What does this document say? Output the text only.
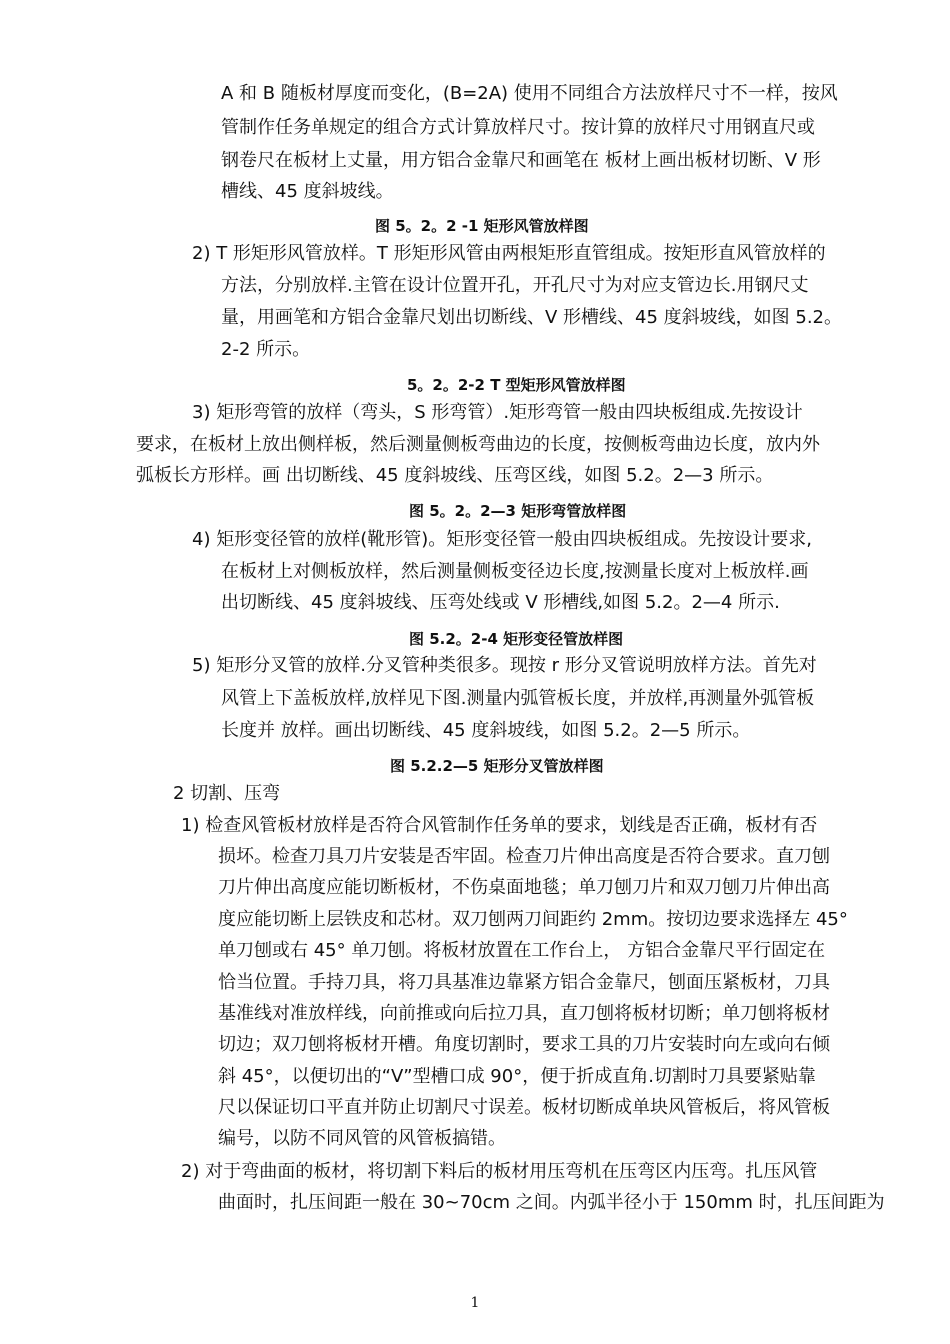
A 和 B 随板材厚度而变化，(B=2A) 使用不同组合方法放样尺寸不一样，按风
管制作任务单规定的组合方式计算放样尺寸。按计算的放样尺寸用钢直尺或
钢卷尺在板材上丈量，用方铝合金靠尺和画笔在 板材上画出板材切断、V 形
槽线、45 度斜坡线。
图 5。2。2 -1 矩形风管放样图
2) T 形矩形风管放样。T 形矩形风管由两根矩形直管组成。按矩形直风管放样的
方法，分别放样.主管在设计位置开孔，开孔尺寸为对应支管边长.用钢尺丈
量，用画笔和方铝合金靠尺划出切断线、V 形槽线、45 度斜坡线，如图 5.2。
2-2 所示。
5。2。2-2 T 型矩形风管放样图
3) 矩形弯管的放样（弯头，S 形弯管）.矩形弯管一般由四块板组成.先按设计
要求，在板材上放出侧样板，然后测量侧板弯曲边的长度，按侧板弯曲边长度，放内外
弧板长方形样。画 出切断线、45 度斜坡线、压弯区线，如图 5.2。2—3 所示。
图 5。2。2—3 矩形弯管放样图
4) 矩形变径管的放样(靴形管)。矩形变径管一般由四块板组成。先按设计要求,
在板材上对侧板放样，然后测量侧板变径边长度,按测量长度对上板放样.画
出切断线、45 度斜坡线、压弯处线或 V 形槽线,如图 5.2。2—4 所示.
图 5.2。2-4 矩形变径管放样图
5) 矩形分叉管的放样.分叉管种类很多。现按 r 形分叉管说明放样方法。首先对
风管上下盖板放样,放样见下图.测量内弧管板长度，并放样,再测量外弧管板
长度并 放样。画出切断线、45 度斜坡线，如图 5.2。2—5 所示。
图 5.2.2—5 矩形分叉管放样图
2 切割、压弯
1) 检查风管板材放样是否符合风管制作任务单的要求，划线是否正确，板材有否
损坏。检查刀具刀片安装是否牢固。检查刀片伸出高度是否符合要求。直刀刨
刀片伸出高度应能切断板材，不伤桌面地毯；单刀刨刀片和双刀刨刀片伸出高
度应能切断上层铁皮和芯材。双刀刨两刀间距约 2mm。按切边要求选择左 45°
单刀刨或右 45° 单刀刨。将板材放置在工作台上， 方铝合金靠尺平行固定在
恰当位置。手持刀具，将刀具基准边靠紧方铝合金靠尺，刨面压紧板材，刀具
基准线对准放样线，向前推或向后拉刀具，直刀刨将板材切断；单刀刨将板材
切边；双刀刨将板材开槽。角度切割时，要求工具的刀片安装时向左或向右倾
斜 45°，以便切出的“V”型槽口成 90°，便于折成直角.切割时刀具要紧贴靠
尺以保证切口平直并防止切割尺寸误差。板材切断成单块风管板后，将风管板
编号，以防不同风管的风管板搞错。
2) 对于弯曲面的板材，将切割下料后的板材用压弯机在压弯区内压弯。扎压风管
曲面时，扎压间距一般在 30~70cm 之间。内弧半径小于 150mm 时，扎压间距为
1
